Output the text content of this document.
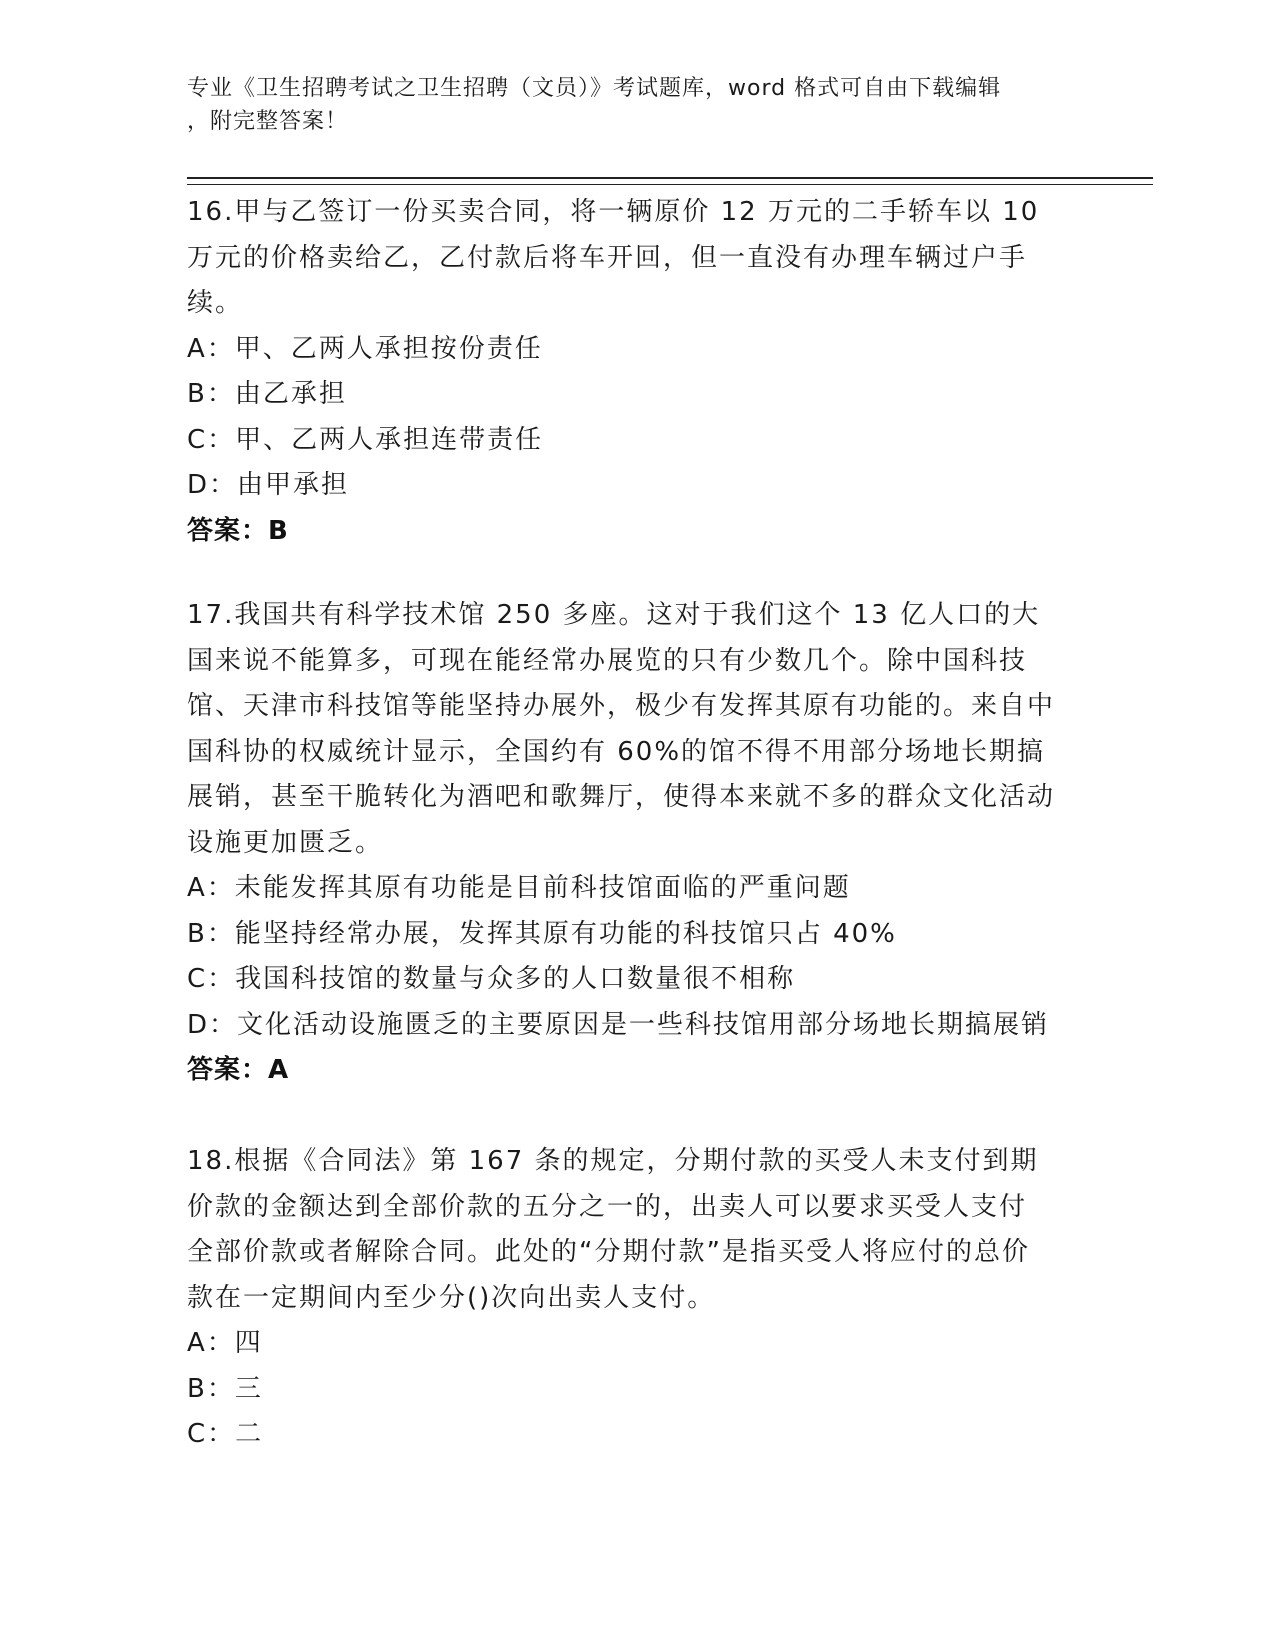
专业《卫生招聘考试之卫生招聘（文员）》考试题库，word 格式可自由下载编辑
，附完整答案！

16.甲与乙签订一份买卖合同，将一辆原价 12 万元的二手轿车以 10 万元的价格卖给乙，乙付款后将车开回，但一直没有办理车辆过户手续。

A：甲、乙两人承担按份责任

B：由乙承担

C：甲、乙两人承担连带责任

D：由甲承担

答案：B

17.我国共有科学技术馆 250 多座。这对于我们这个 13 亿人口的大国来说不能算多，可现在能经常办展览的只有少数几个。除中国科技馆、天津市科技馆等能坚持办展外，极少有发挥其原有功能的。来自中国科协的权威统计显示，全国约有 60%的馆不得不用部分场地长期搞展销，甚至干脆转化为酒吧和歌舞厅，使得本来就不多的群众文化活动设施更加匮乏。

A：未能发挥其原有功能是目前科技馆面临的严重问题

B：能坚持经常办展，发挥其原有功能的科技馆只占 40%

C：我国科技馆的数量与众多的人口数量很不相称

D：文化活动设施匮乏的主要原因是一些科技馆用部分场地长期搞展销

答案：A

18.根据《合同法》第 167 条的规定，分期付款的买受人未支付到期价款的金额达到全部价款的五分之一的，出卖人可以要求买受人支付全部价款或者解除合同。此处的“分期付款”是指买受人将应付的总价款在一定期间内至少分()次向出卖人支付。

A：四

B：三

C：二
